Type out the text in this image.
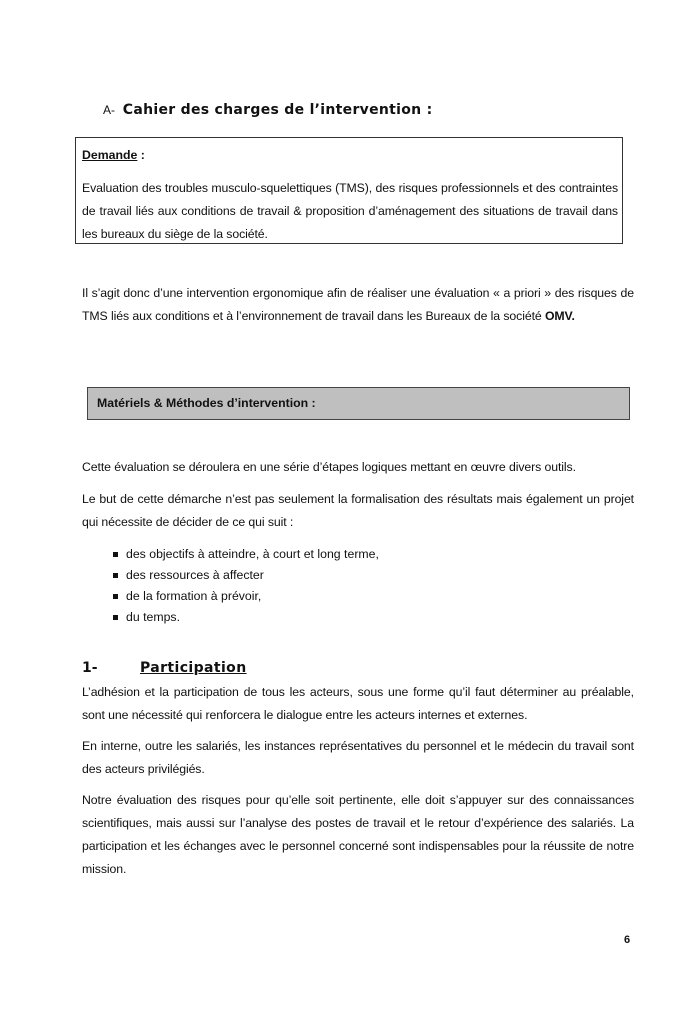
A- Cahier des charges de l’intervention :
Demande :
Evaluation des troubles musculo-squelettiques (TMS), des risques professionnels et des contraintes de travail liés aux conditions de travail & proposition d’aménagement des situations de travail dans les bureaux du siège de la société.
Il s’agit donc d’une intervention ergonomique afin de réaliser une évaluation « a priori » des risques de TMS liés aux conditions et à l’environnement de travail dans les Bureaux de la société OMV.
Matériels & Méthodes d’intervention :
Cette évaluation se déroulera en une série d’étapes logiques mettant en œuvre divers outils.
Le but de cette démarche n’est pas seulement la formalisation des résultats mais également un projet qui nécessite de décider de ce qui suit :
des objectifs à atteindre, à court et long terme,
des ressources à affecter
de la formation à prévoir,
du temps.
1-	Participation
L’adhésion et la participation de tous les acteurs, sous une forme qu’il faut déterminer au préalable, sont une nécessité qui renforcera le dialogue entre les acteurs internes et externes.
En interne, outre les salariés, les instances représentatives du personnel et le médecin du travail sont des acteurs privilégiés.
Notre évaluation des risques pour qu’elle soit pertinente, elle doit s’appuyer sur des connaissances scientifiques, mais aussi sur l’analyse des postes de travail et le retour d’expérience des salariés. La participation et les échanges avec le personnel concerné sont indispensables pour la réussite de notre mission.
6
